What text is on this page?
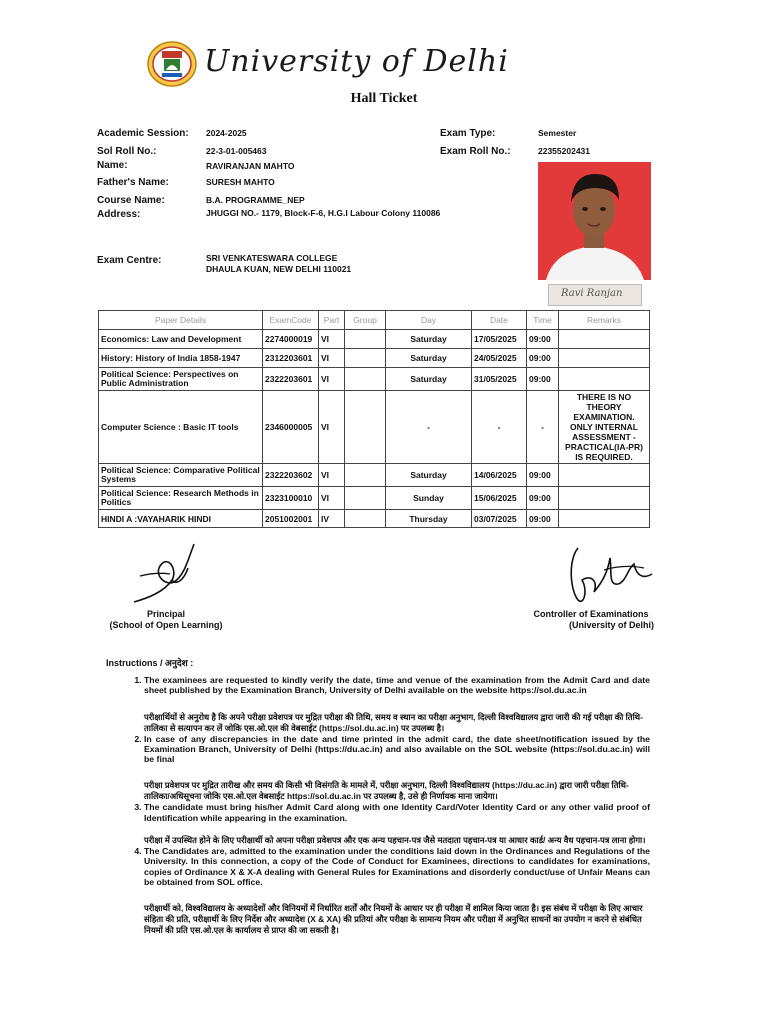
University of Delhi
Hall Ticket
Academic Session: 2024-2025	Exam Type:	Semester
Sol Roll No.:	22-3-01-005463	Exam Roll No.:	22355202431
Name:	RAVIRANJAN MAHTO
Father's Name:	SURESH MAHTO
Course Name:	B.A. PROGRAMME_NEP
Address:	JHUGGI NO.- 1179, Block-F-6, H.G.I Labour Colony 110086
Exam Centre:	SRI VENKATESWARA COLLEGE
DHAULA KUAN, NEW DELHI 110021
Ravi Ranjan
Paper Details	ExamCode	Part	Group	Day	Date	Time	Remarks
Economics: Law and Development	2274000019	VI		Saturday	17/05/2025	09:00	
History: History of India 1858-1947	2312203601	VI		Saturday	24/05/2025	09:00	
Political Science: Perspectives on Public Administration	2322203601	VI		Saturday	31/05/2025	09:00	
Computer Science : Basic IT tools	2346000005	VI		-	-	-	THERE IS NO THEORY EXAMINATION. ONLY INTERNAL ASSESSMENT - PRACTICAL(IA-PR) IS REQUIRED.
Political Science: Comparative Political Systems	2322203602	VI		Saturday	14/06/2025	09:00	
Political Science: Research Methods in Politics	2323100010	VI		Sunday	15/06/2025	09:00	
HINDI A :VAYAHARIK HINDI	2051002001	IV		Thursday	03/07/2025	09:00	
Principal
(School of Open Learning)
Controller of Examinations
(University of Delhi)
Instructions / अनुदेश :

1. The examinees are requested to kindly verify the date, time and venue of the examination from the Admit Card and date sheet published by the Examination Branch, University of Delhi available on the website https://sol.du.ac.in

परीक्षार्थियों से अनुरोध है कि अपने परीक्षा प्रवेशपत्र पर मुद्रित परीक्षा की तिथि, समय व स्थान का परीक्षा अनुभाग, दिल्ली विश्वविद्यालय द्वारा जारी की गई परीक्षा की तिथि-तालिका से सत्यापन कर लें जोकि एस.ओ.एल की वेबसाईट (https://sol.du.ac.in) पर उपलब्ध है।

2. In case of any discrepancies in the date and time printed in the admit card, the date sheet/notification issued by the Examination Branch, University of Delhi (https://du.ac.in) and also available on the SOL website (https://sol.du.ac.in) will be final

परीक्षा प्रवेशपत्र पर मुद्रित तारीख और समय की किसी भी विसंगति के मामले में, परीक्षा अनुभाग, दिल्ली विश्वविद्यालय (https://du.ac.in) द्वारा जारी परीक्षा तिथि-तालिका/अधिसूचना जोकि एस.ओ.एल वेबसाईट https://sol.du.ac.in पर उपलब्ध है, उसे ही निर्णायक माना जायेगा।

3. The candidate must bring his/her Admit Card along with one Identity Card/Voter Identity Card or any other valid proof of Identification while appearing in the examination.

परीक्षा में उपस्थित होने के लिए परीक्षार्थी को अपना परीक्षा प्रवेशपत्र और एक अन्य पहचान-पत्र जैसे मतदाता पहचान-पत्र या आधार कार्ड/ अन्य वैध पहचान-पत्र लाना होगा।

4. The Candidates are, admitted to the examination under the conditions laid down in the Ordinances and Regulations of the University. In this connection, a copy of the Code of Conduct for Examinees, directions to candidates for examinations, copies of Ordinance X & X-A dealing with General Rules for Examinations and disorderly conduct/use of Unfair Means can be obtained from SOL office.

परीक्षार्थी को, विश्वविद्यालय के अध्यादेशों और विनियमों में निर्धारित शर्तों और नियमों के आधार पर ही परीक्षा में शामिल किया जाता है। इस संबंध में परीक्षा के लिए आचार संहिता की प्रति, परीक्षार्थी के लिए निर्देश और अध्यादेश (X & XA) की प्रतियां और परीक्षा के सामान्य नियम और परीक्षा में अनुचित साधनों का उपयोग न करने से संबंधित नियमों की प्रति एस.ओ.एल के कार्यालय से प्राप्त की जा सकती है।
